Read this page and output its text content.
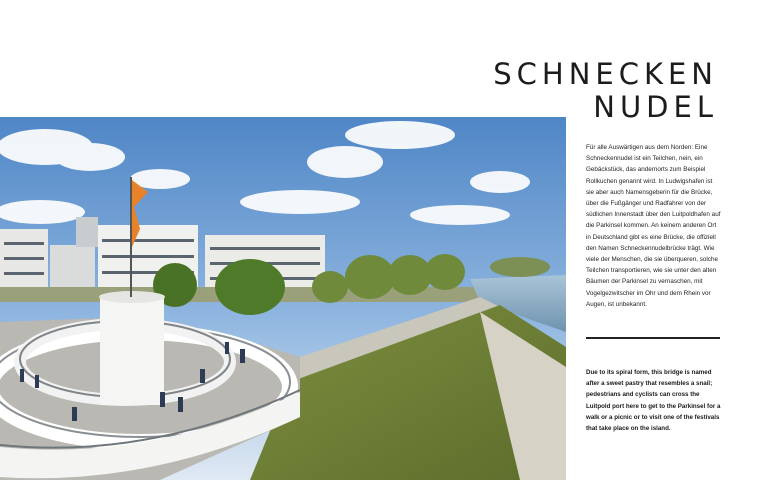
SCHNECKEN
NUDEL
Für alle Auswärtigen aus dem Norden: Eine Schneckennudel ist ein Teilchen, nein, ein Gebäckstück, das andernorts zum Beispiel Rollkuchen genannt wird. In Ludwigshafen ist sie aber auch Namensgeberin für die Brücke, über die Fußgänger und Radfahrer von der südlichen Innenstadt über den Luitpoldhafen auf die Parkinsel kommen. An keinem anderen Ort in Deutschland gibt es eine Brücke, die offiziell den Namen Schneckennudelbrücke trägt. Wie viele der Menschen, die sie überqueren, solche Teilchen transportieren, wie sie unter den alten Bäumen der Parkinsel zu vernaschen, mit Vogelgezwitscher im Ohr und dem Rhein vor Augen, ist unbekannt.
Due to its spiral form, this bridge is named after a sweet pastry that resembles a snail; pedestrians and cyclists can cross the Luitpold port here to get to the Parkinsel for a walk or a picnic or to visit one of the festivals that take place on the island.
